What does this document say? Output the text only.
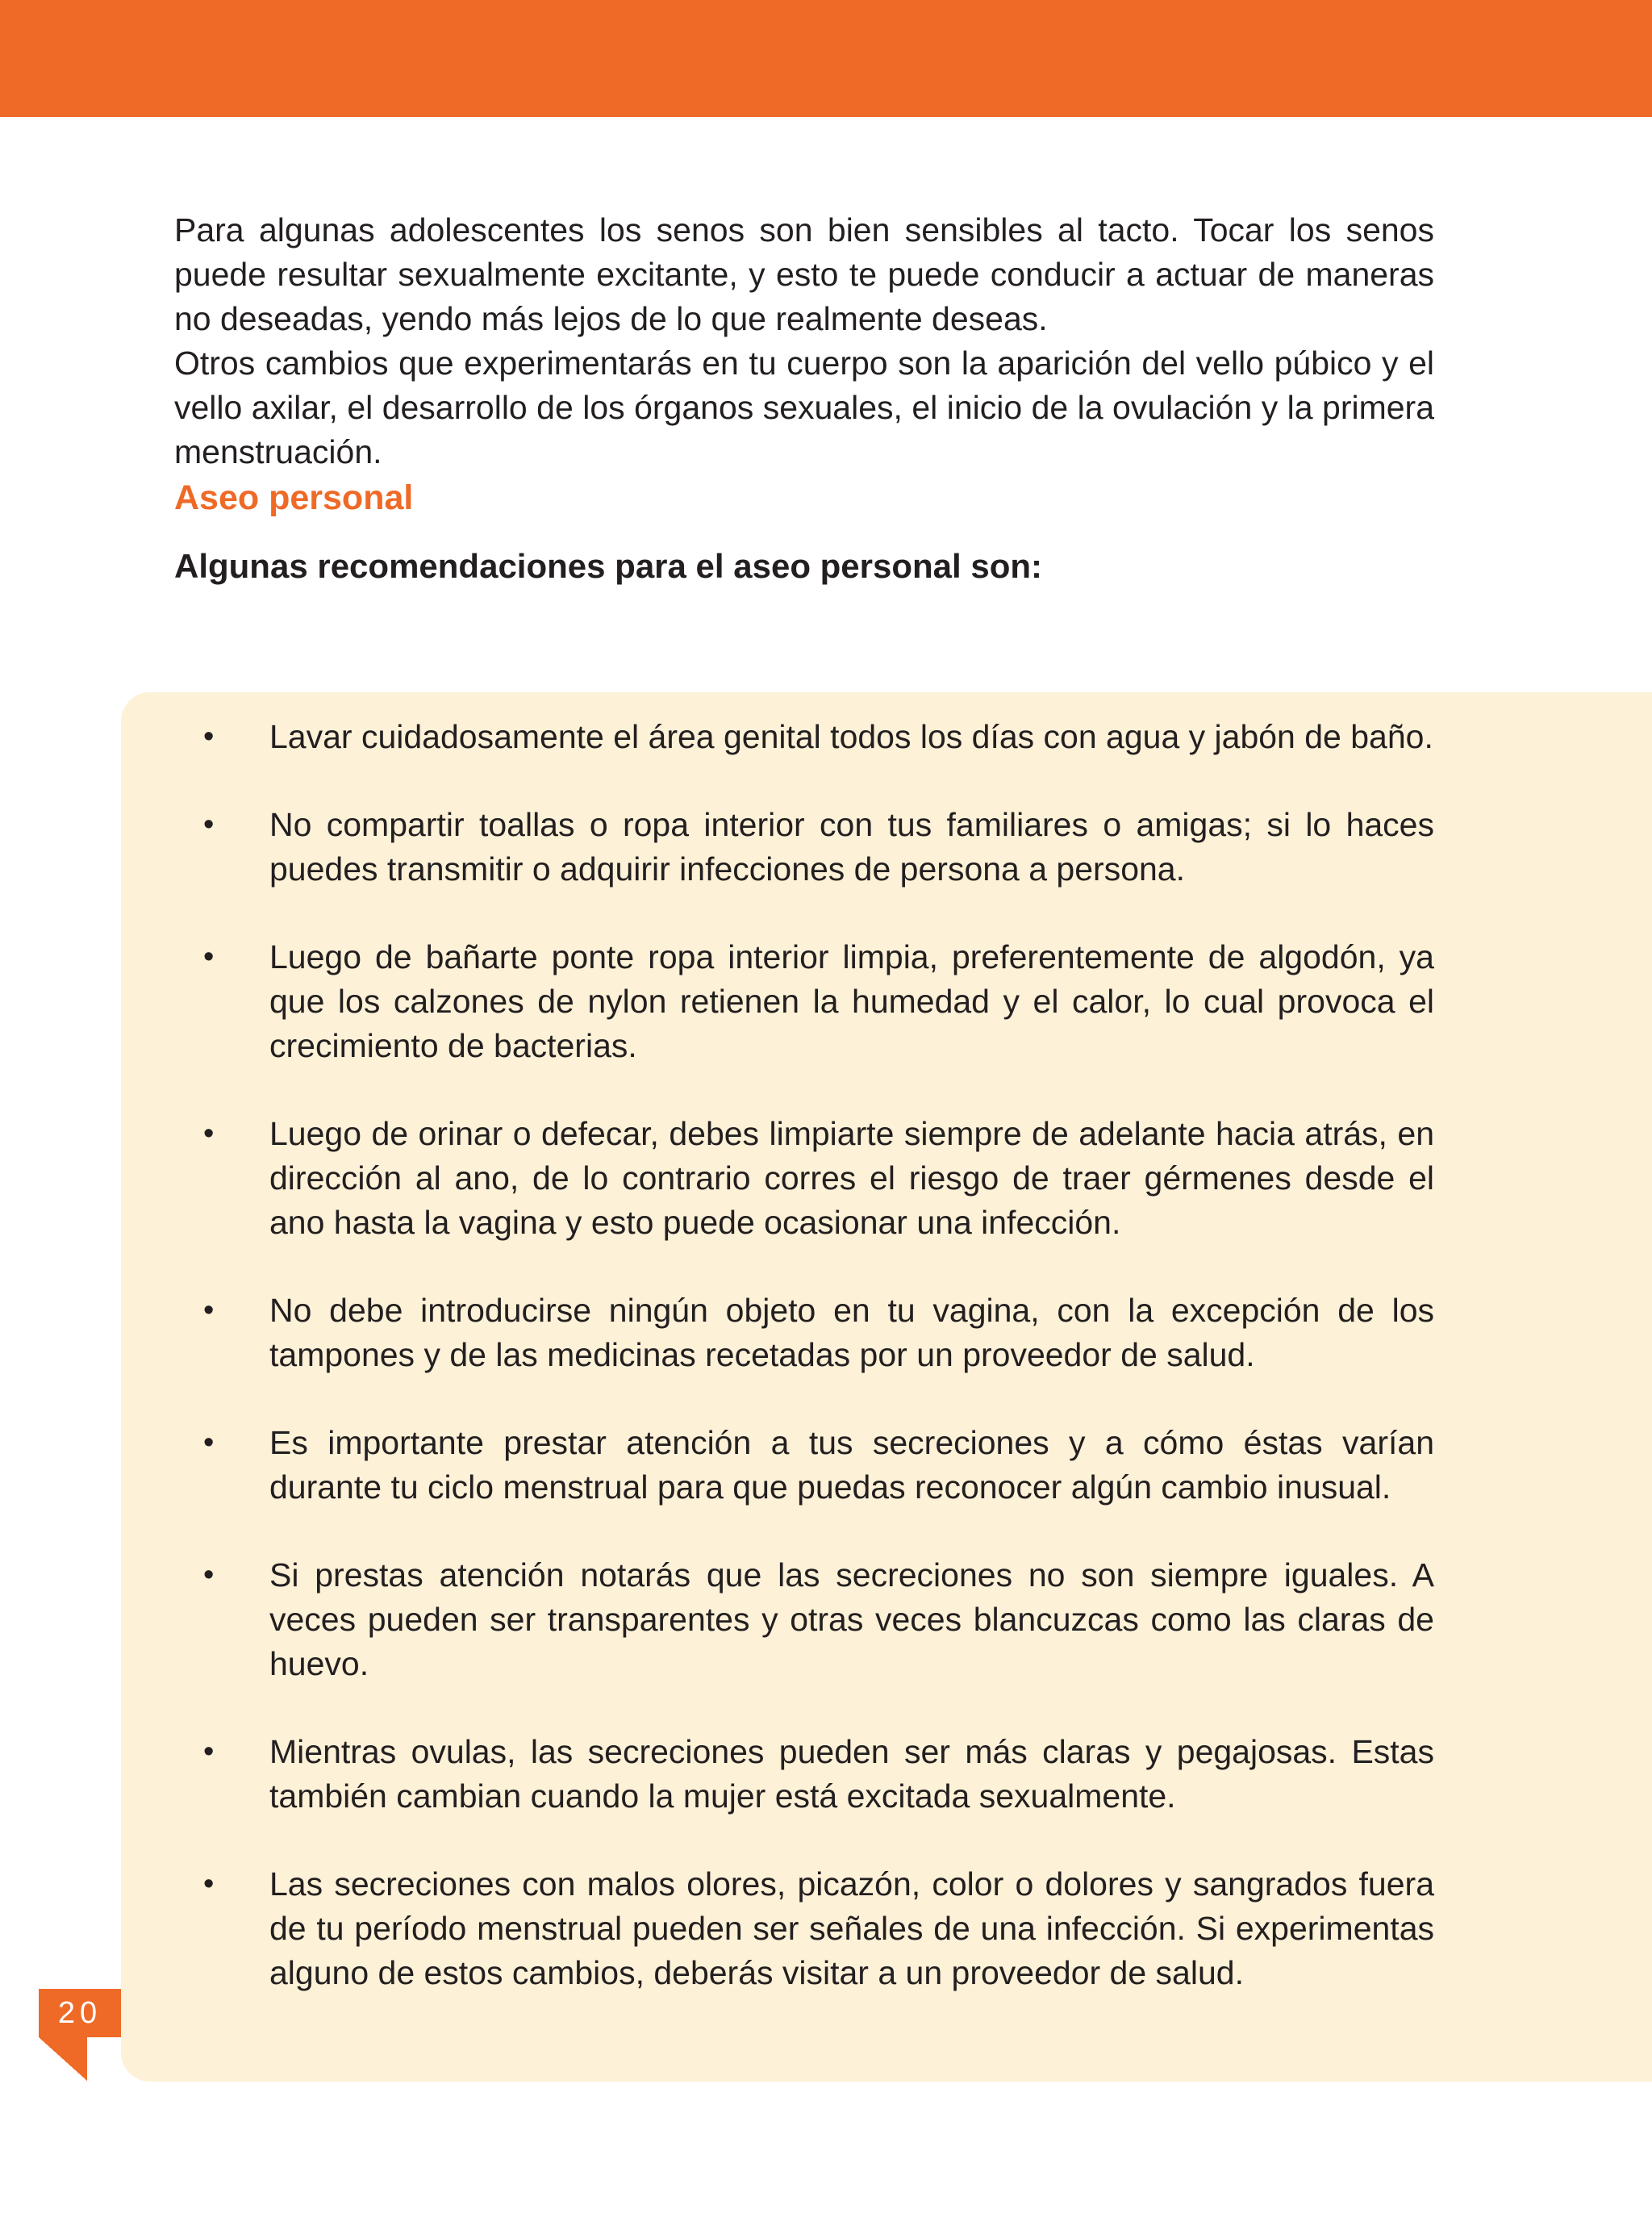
Para algunas adolescentes los senos son bien sensibles al tacto. Tocar los senos puede resultar sexualmente excitante, y esto te puede conducir a actuar de maneras no deseadas, yendo más lejos de lo que realmente deseas.

Otros cambios que experimentarás en tu cuerpo son la aparición del vello púbico y el vello axilar, el desarrollo de los órganos sexuales, el inicio de la ovulación y la primera menstruación.

Aseo personal
Algunas recomendaciones para el aseo personal son:
• Lavar cuidadosamente el área genital todos los días con agua y jabón de baño.
• No compartir toallas o ropa interior con tus familiares o amigas; si lo haces puedes transmitir o adquirir infecciones de persona a persona.
• Luego de bañarte ponte ropa interior limpia, preferentemente de algodón, ya que los calzones de nylon retienen la humedad y el calor, lo cual provoca el crecimiento de bacterias.
• Luego de orinar o defecar, debes limpiarte siempre de adelante hacia atrás, en dirección al ano, de lo contrario corres el riesgo de traer gérmenes desde el ano hasta la vagina y esto puede ocasionar una infección.
• No debe introducirse ningún objeto en tu vagina, con la excepción de los tampones y de las medicinas recetadas por un proveedor de salud.
• Es importante prestar atención a tus secreciones y a cómo éstas varían durante tu ciclo menstrual para que puedas reconocer algún cambio inusual.
• Si prestas atención notarás que las secreciones no son siempre iguales. A veces pueden ser transparentes y otras veces blancuzcas como las claras de huevo.
• Mientras ovulas, las secreciones pueden ser más claras y pegajosas. Estas también cambian cuando la mujer está excitada sexualmente.
• Las secreciones con malos olores, picazón, color o dolores y sangrados fuera de tu período menstrual pueden ser señales de una infección. Si experimentas alguno de estos cambios, deberás visitar a un proveedor de salud.
20
